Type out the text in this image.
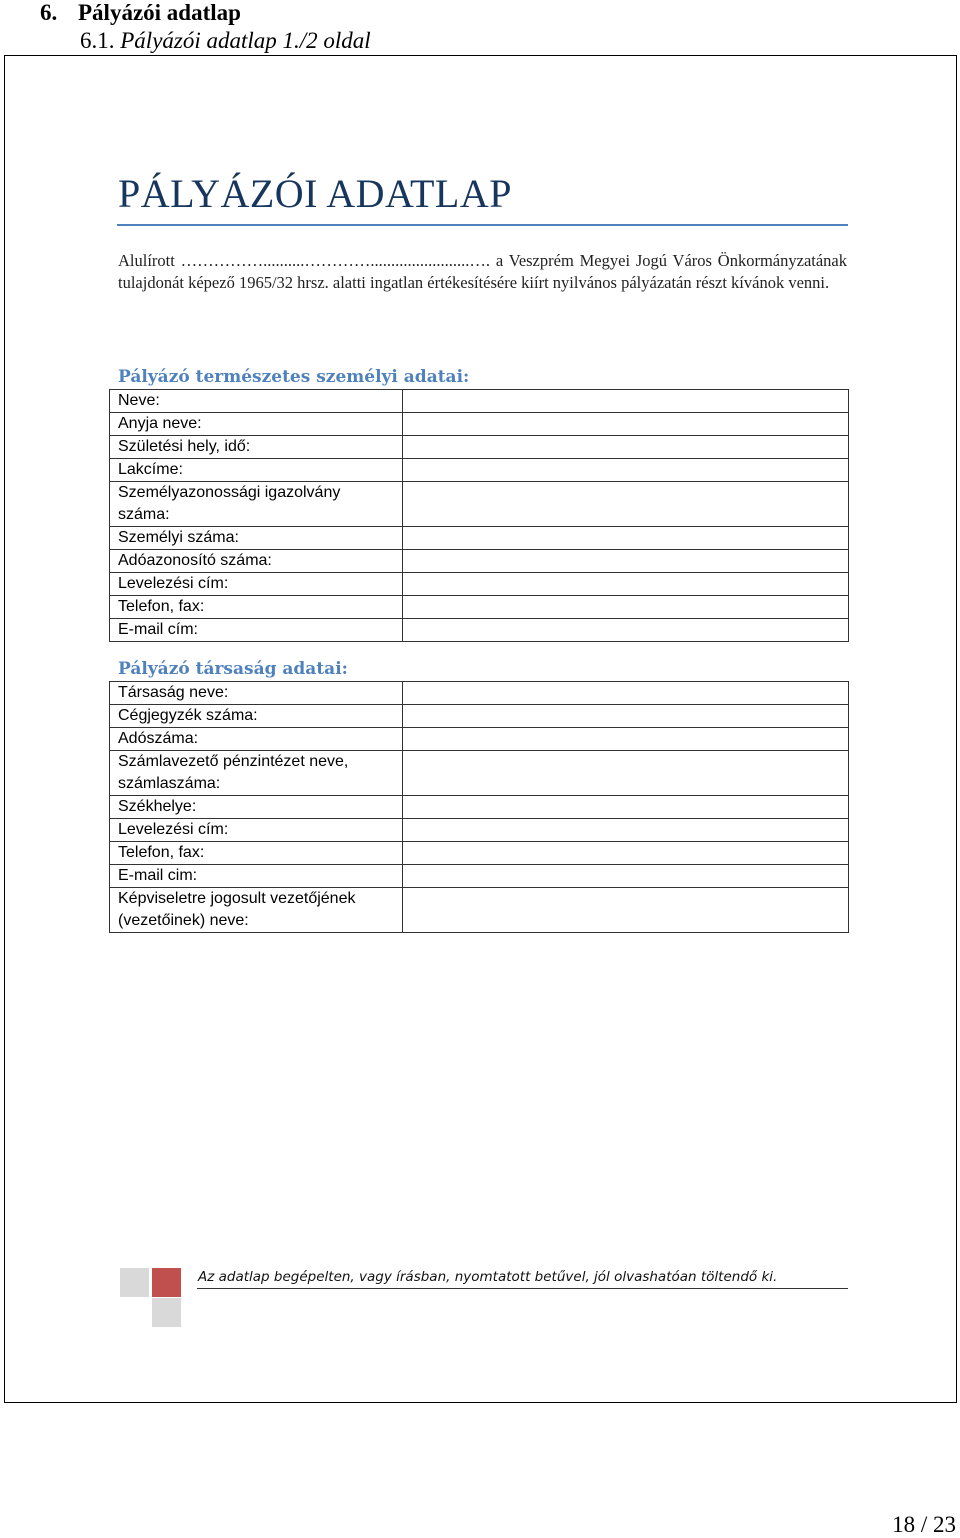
6. Pályázói adatlap
6.1. Pályázói adatlap 1./2 oldal
PÁLYÁZÓI ADATLAP
Alulírott ……………..........…………........................…. a Veszprém Megyei Jogú Város Önkormányzatának tulajdonát képező 1965/32 hrsz. alatti ingatlan értékesítésére kiírt nyilvános pályázatán részt kívánok venni.
Pályázó természetes személyi adatai:
Neve:	
Anyja neve:	
Születési hely, idő:	
Lakcíme:	
Személyazonossági igazolvány száma:	
Személyi száma:	
Adóazonosító száma:	
Levelezési cím:	
Telefon, fax:	
E-mail cím:	
Pályázó társaság adatai:
Társaság neve:	
Cégjegyzék száma:	
Adószáma:	
Számlavezető pénzintézet neve, számlaszáma:	
Székhelye:	
Levelezési cím:	
Telefon, fax:	
E-mail cim:	
Képviseletre jogosult vezetőjének (vezetőinek) neve:	
Az adatlap begépelten, vagy írásban, nyomtatott betűvel, jól olvashatóan töltendő ki.
18 / 23
